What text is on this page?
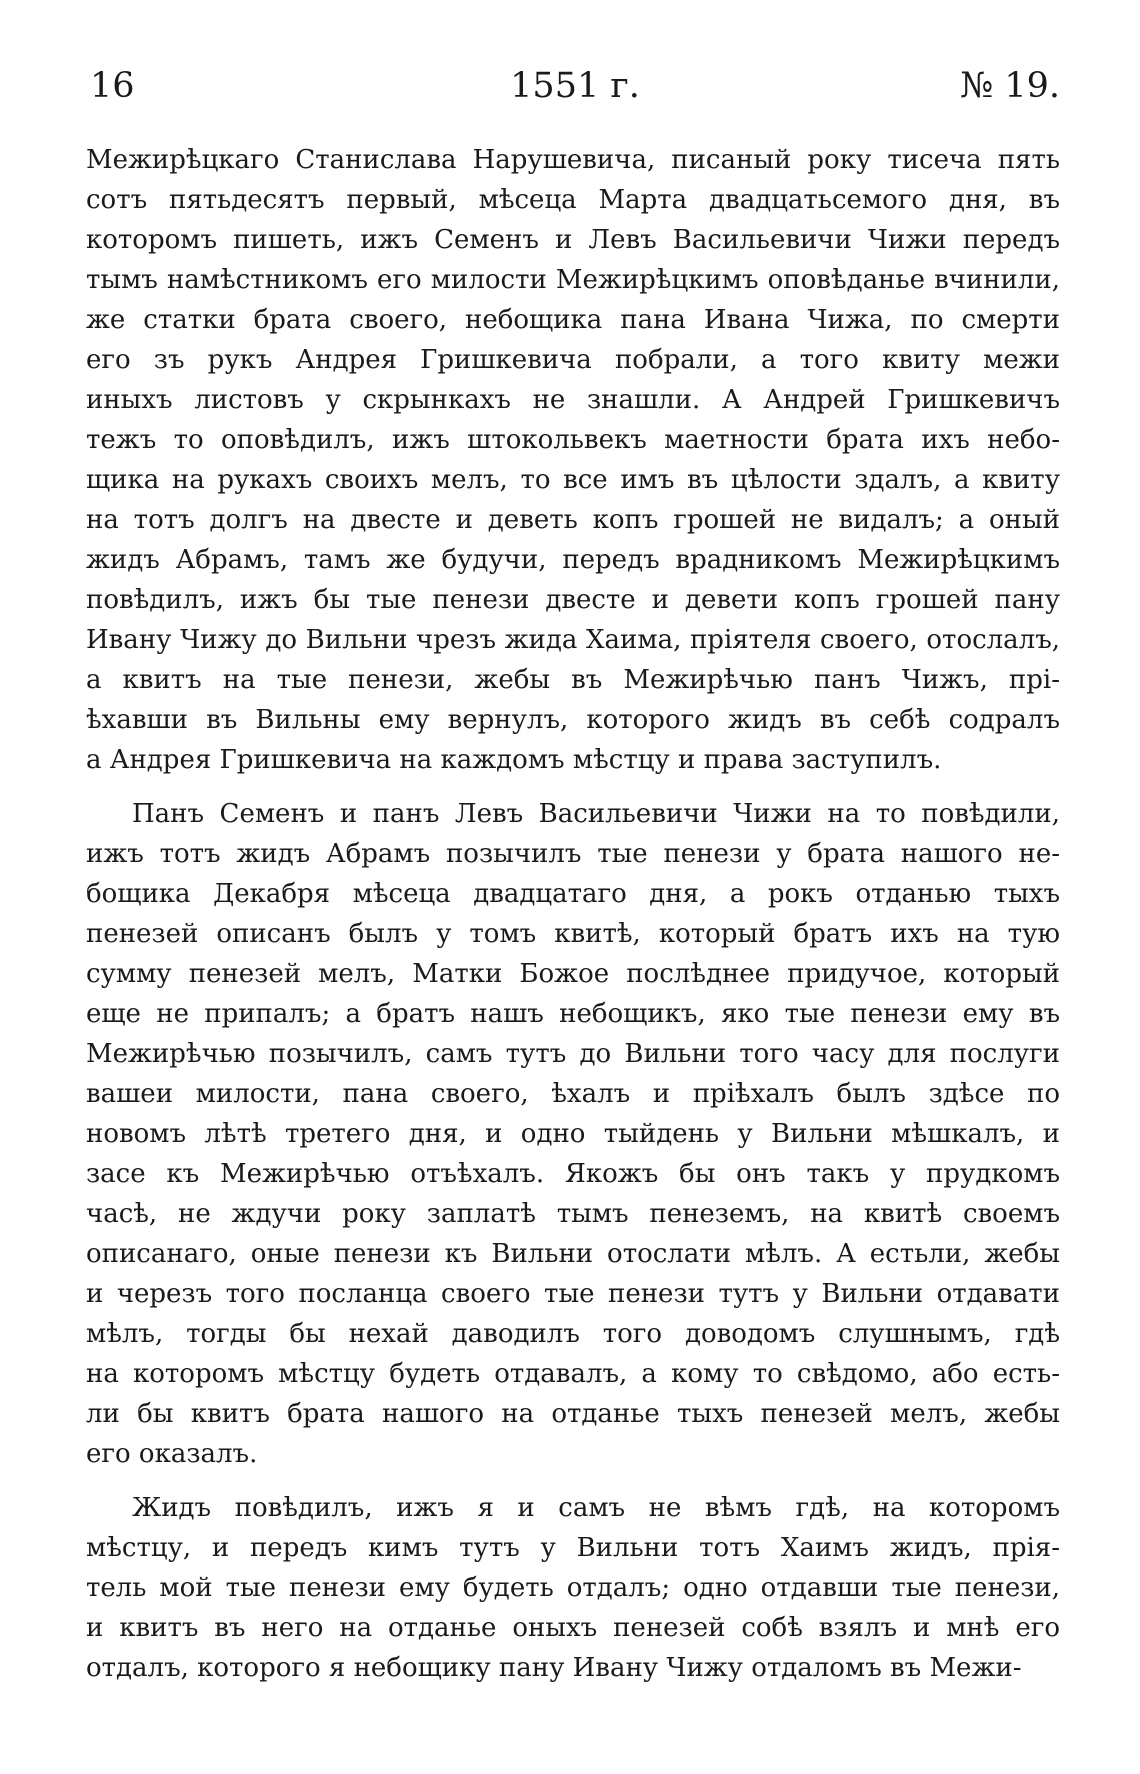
16	1551 г.	№ 19.
Межирѣцкаго Станислава Нарушевича, писаный року тисеча пять
сотъ пятьдесятъ первый, мѣсеца Марта двадцатьсемого дня, въ
которомъ пишеть, ижъ Семенъ и Левъ Васильевичи Чижи передъ
тымъ намѣстникомъ его милости Межирѣцкимъ оповѣданье вчинили,
же статки брата своего, небощика пана Ивана Чижа, по смерти
его зъ рукъ Андрея Гришкевича побрали, а того квиту межи
иныхъ листовъ у скрынкахъ не знашли. А Андрей Гришкевичъ
тежъ то оповѣдилъ, ижъ штокольвекъ маетности брата ихъ небо-
щика на рукахъ своихъ мелъ, то все имъ въ цѣлости здалъ, а квиту
на тотъ долгъ на двесте и деветь копъ грошей не видалъ; а оный
жидъ Абрамъ, тамъ же будучи, передъ врадникомъ Межирѣцкимъ
повѣдилъ, ижъ бы тые пенези двесте и девети копъ грошей пану
Ивану Чижу до Вильни чрезъ жида Хаима, пріятеля своего, отослалъ,
а квитъ на тые пенези, жебы въ Межирѣчью панъ Чижъ, прі-
ѣхавши въ Вильны ему вернулъ, которого жидъ въ себѣ содралъ
а Андрея Гришкевича на каждомъ мѣстцу и права заступилъ.
Панъ Семенъ и панъ Левъ Васильевичи Чижи на то повѣдили,
ижъ тотъ жидъ Абрамъ позычилъ тые пенези у брата нашого не-
бощика Декабря мѣсеца двадцатаго дня, а рокъ отданью тыхъ
пенезей описанъ былъ у томъ квитѣ, который братъ ихъ на тую
сумму пенезей мелъ, Матки Божое послѣднее придучое, который
еще не припалъ; а братъ нашъ небощикъ, яко тые пенези ему въ
Межирѣчью позычилъ, самъ тутъ до Вильни того часу для послуги
вашеи милости, пана своего, ѣхалъ и пріѣхалъ былъ здѣсе по
новомъ лѣтѣ третего дня, и одно тыйдень у Вильни мѣшкалъ, и
засе къ Межирѣчью отъѣхалъ. Якожъ бы онъ такъ у прудкомъ
часѣ, не ждучи року заплатѣ тымъ пенеземъ, на квитѣ своемъ
описанаго, оные пенези къ Вильни отослати мѣлъ. А естьли, жебы
и черезъ того посланца своего тые пенези тутъ у Вильни отдавати
мѣлъ, тогды бы нехай даводилъ того доводомъ слушнымъ, гдѣ
на которомъ мѣстцу будеть отдавалъ, а кому то свѣдомо, або есть-
ли бы квитъ брата нашого на отданье тыхъ пенезей мелъ, жебы
его оказалъ.
Жидъ повѣдилъ, ижъ я и самъ не вѣмъ гдѣ, на которомъ
мѣстцу, и передъ кимъ тутъ у Вильни тотъ Хаимъ жидъ, прія-
тель мой тые пенези ему будеть отдалъ; одно отдавши тые пенези,
и квитъ въ него на отданье оныхъ пенезей собѣ взялъ и мнѣ его
отдалъ, которого я небощику пану Ивану Чижу отдаломъ въ Межи-
